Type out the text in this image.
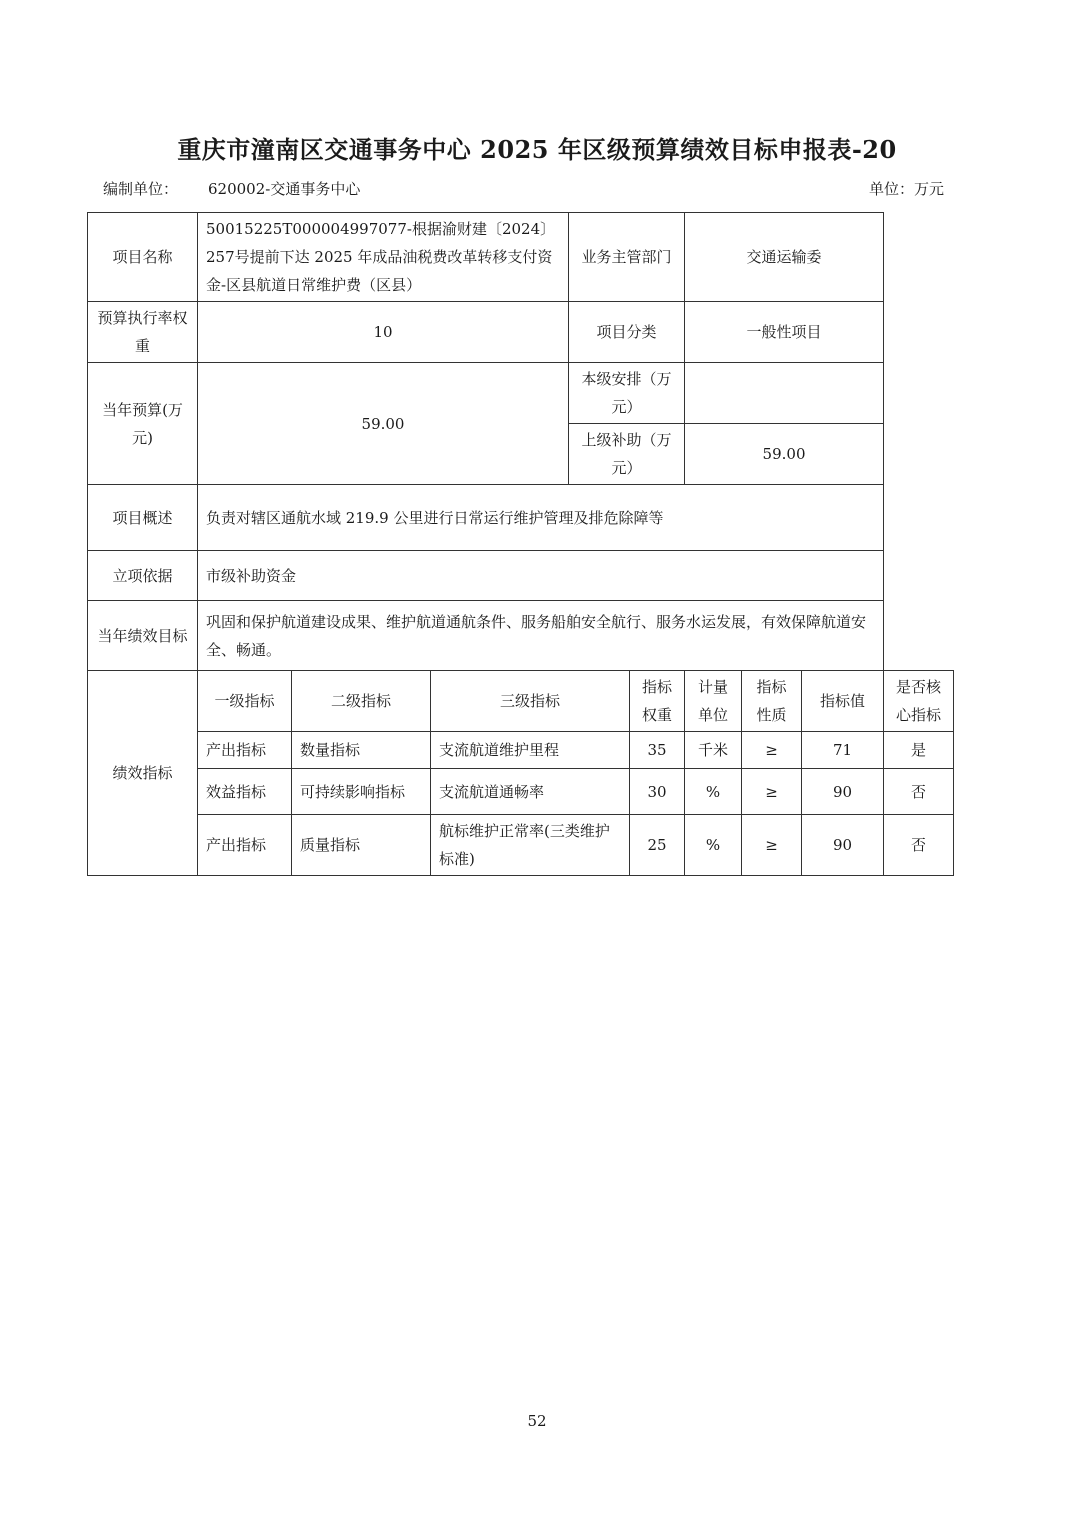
重庆市潼南区交通事务中心 2025 年区级预算绩效目标申报表-20
编制单位： 620002-交通事务中心	单位：万元
项目名称	50015225T000004997077-根据渝财建〔2024〕257号提前下达 2025 年成品油税费改革转移支付资金-区县航道日常维护费（区县）			业务主管部门		交通运输委			
预算执行率权重	10			项目分类		一般性项目			
当年预算(万元)	59.00			本级安排（万元）					
				上级补助（万元）		59.00			
项目概述	负责对辖区通航水域 219.9 公里进行日常运行维护管理及排危除障等								
立项依据	市级补助资金								
当年绩效目标	巩固和保护航道建设成果、维护航道通航条件、服务船舶安全航行、服务水运发展，有效保障航道安全、畅通。								
绩效指标	一级指标	二级指标	三级指标		指标权重	计量单位	指标性质	指标值	是否核心指标
	产出指标	数量指标	支流航道维护里程		35	千米	≥	71	是
	效益指标	可持续影响指标	支流航道通畅率		30	%	≥	90	否
	产出指标	质量指标	航标维护正常率(三类维护标准)		25	%	≥	90	否
52
